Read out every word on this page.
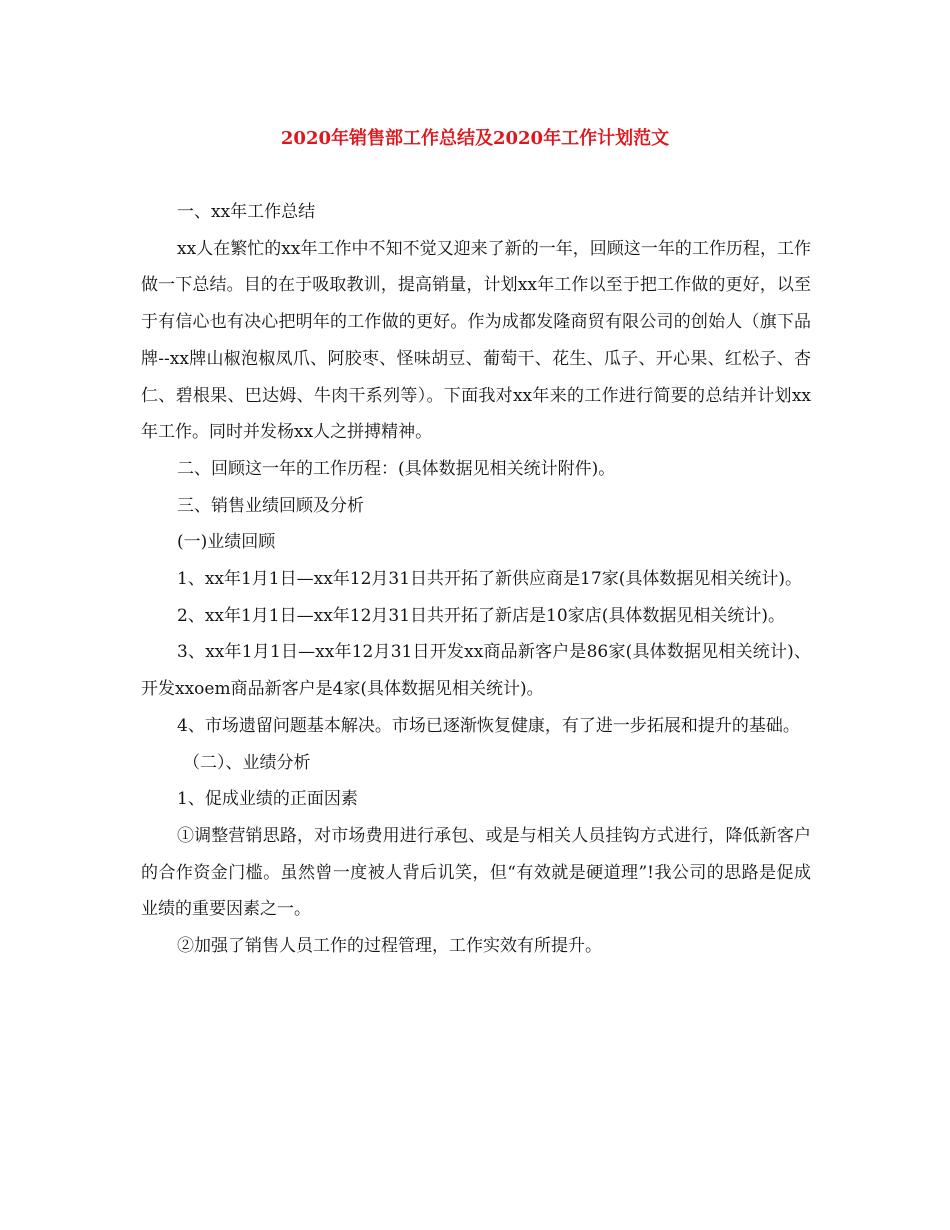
2020年销售部工作总结及2020年工作计划范文

一、xx年工作总结

xx人在繁忙的xx年工作中不知不觉又迎来了新的一年，回顾这一年的工作历程，工作做一下总结。目的在于吸取教训，提高销量，计划xx年工作以至于把工作做的更好，以至于有信心也有决心把明年的工作做的更好。作为成都发隆商贸有限公司的创始人（旗下品牌--xx牌山椒泡椒凤爪、阿胶枣、怪味胡豆、葡萄干、花生、瓜子、开心果、红松子、杏仁、碧根果、巴达姆、牛肉干系列等）。下面我对xx年来的工作进行简要的总结并计划xx年工作。同时并发杨xx人之拼搏精神。

二、回顾这一年的工作历程：(具体数据见相关统计附件)。

三、销售业绩回顾及分析

(一)业绩回顾

1、xx年1月1日—xx年12月31日共开拓了新供应商是17家(具体数据见相关统计)。

2、xx年1月1日—xx年12月31日共开拓了新店是10家店(具体数据见相关统计)。

3、xx年1月1日—xx年12月31日开发xx商品新客户是86家(具体数据见相关统计)、开发xxoem商品新客户是4家(具体数据见相关统计)。

4、市场遗留问题基本解决。市场已逐渐恢复健康，有了进一步拓展和提升的基础。

（二）、业绩分析

1、促成业绩的正面因素

①调整营销思路，对市场费用进行承包、或是与相关人员挂钩方式进行，降低新客户的合作资金门槛。虽然曾一度被人背后讥笑，但“有效就是硬道理”!我公司的思路是促成业绩的重要因素之一。

②加强了销售人员工作的过程管理，工作实效有所提升。
